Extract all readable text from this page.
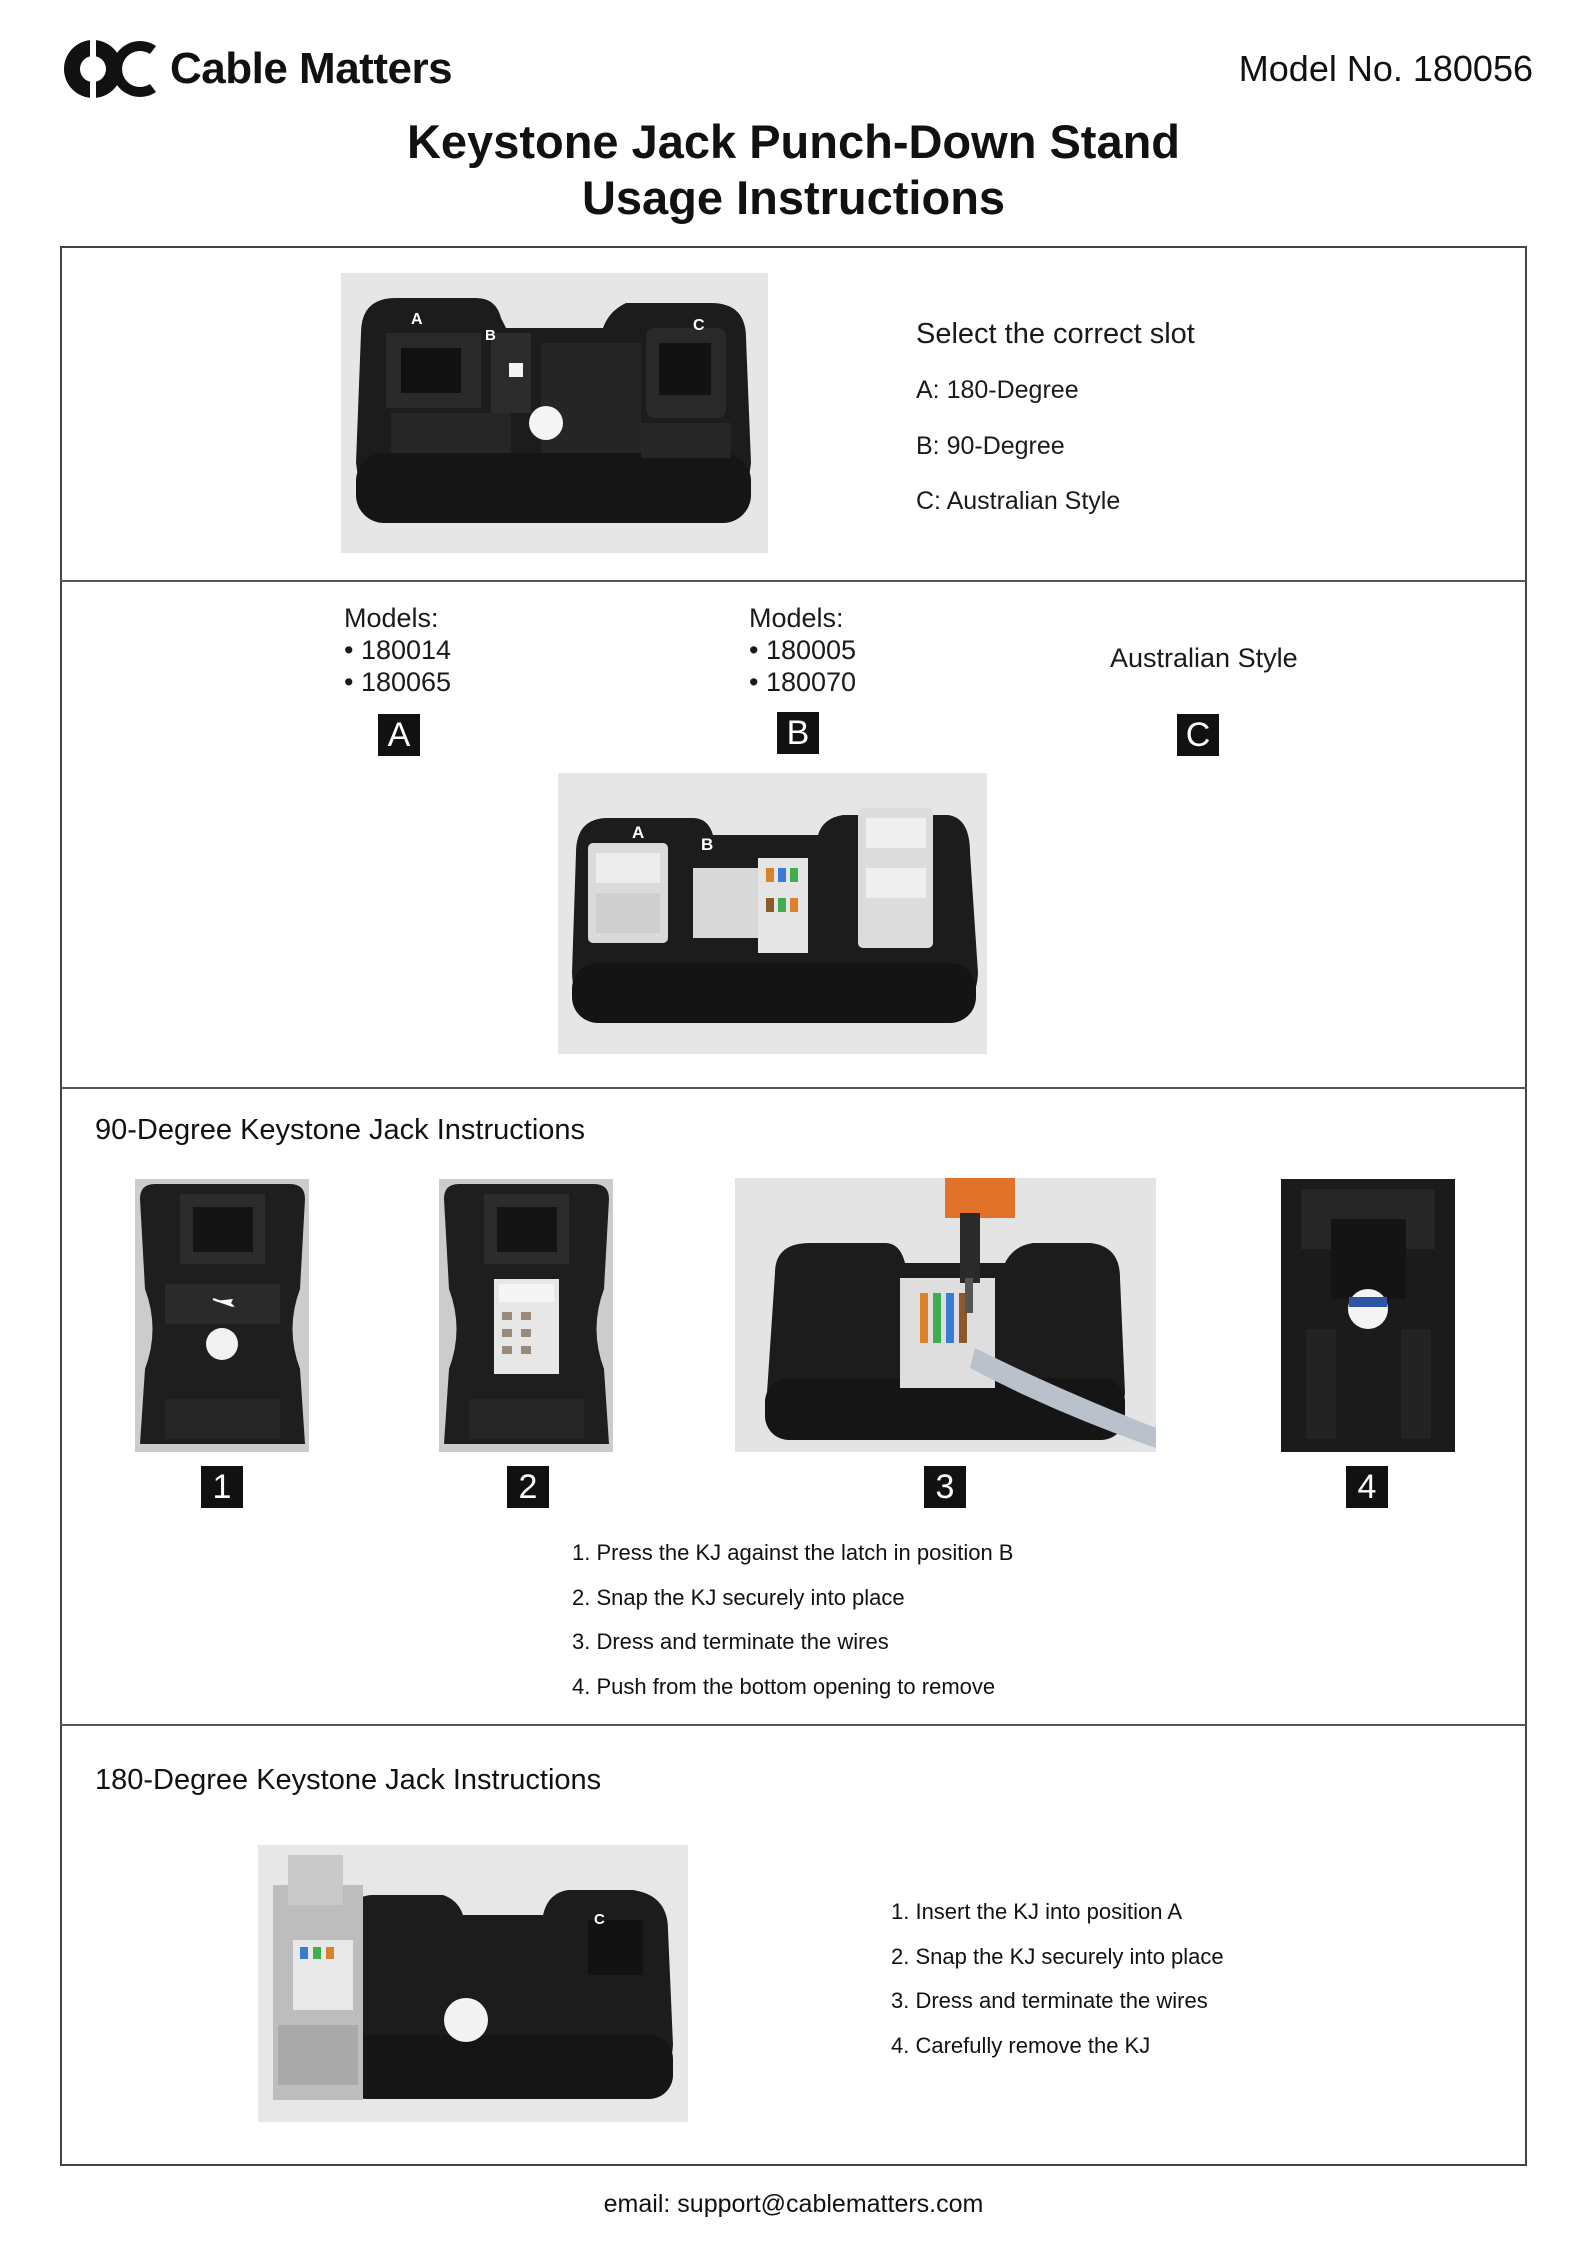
Cable Matters	Model No. 180056
Keystone Jack Punch-Down Stand
Usage Instructions
A
B
C	Select the correct slot
A: 180-Degree
B: 90-Degree
C: Australian Style
Models:
• 180014
• 180065
A
Models:
• 180005
• 180070
B
Australian Style
C
A
B
90-Degree Keystone Jack Instructions
1	2	3	4
1. Press the KJ against the latch in position B
2. Snap the KJ securely into place
3. Dress and terminate the wires
4. Push from the bottom opening to remove
180-Degree Keystone Jack Instructions
C	1. Insert the KJ into position A
2. Snap the KJ securely into place
3. Dress and terminate the wires
4. Carefully remove the KJ
email: support@cablematters.com
